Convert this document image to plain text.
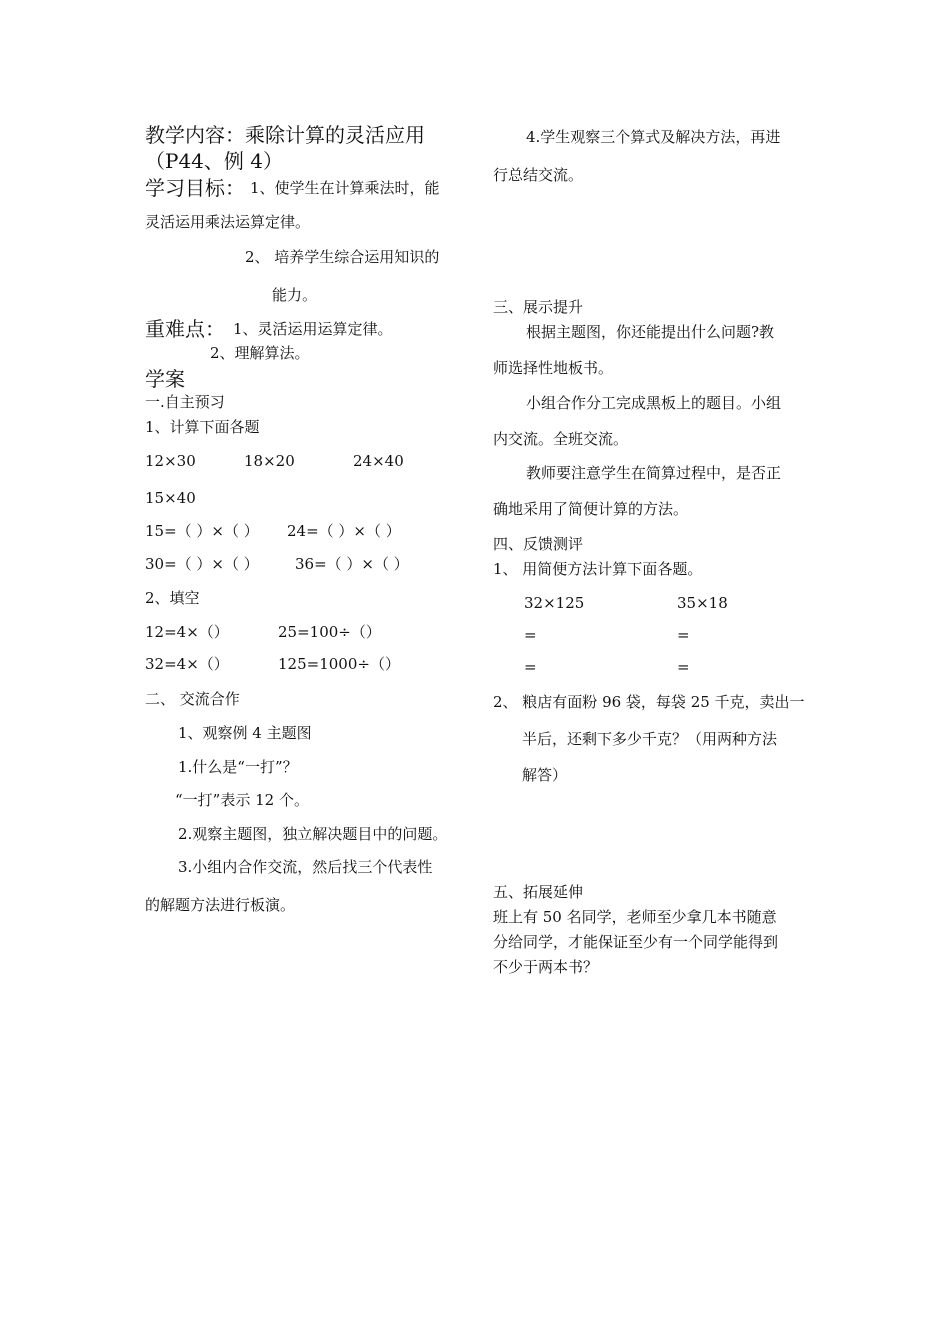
教学内容：乘除计算的灵活应用
（P44、例 4）
学习目标： 1、使学生在计算乘法时，能
灵活运用乘法运算定律。
2、 培养学生综合运用知识的
能力。
重难点： 1、灵活运用运算定律。
2、理解算法。
学案
一.自主预习
1、计算下面各题
12×30	18×20	24×40
15×40
15=（ ）×（ ） 24=（ ）×（ ）
30=（ ）×（ ） 36=（ ）×（ ）
2、填空
12=4×（）	25=100÷（）
32=4×（）	125=1000÷（）
二、 交流合作
1、观察例 4 主题图
1.什么是“一打”？
“一打”表示 12 个。
2.观察主题图，独立解决题目中的问题。
3.小组内合作交流，然后找三个代表性
的解题方法进行板演。
4.学生观察三个算式及解决方法，再进
行总结交流。
三、展示提升
根据主题图，你还能提出什么问题?教
师选择性地板书。
小组合作分工完成黑板上的题目。小组
内交流。全班交流。
教师要注意学生在简算过程中，是否正
确地采用了简便计算的方法。
四、反馈测评
1、 用简便方法计算下面各题。
32×125	35×18
=	=
=	=
2、 粮店有面粉 96 袋，每袋 25 千克，卖出一
半后，还剩下多少千克？（用两种方法
解答）
五、拓展延伸
班上有 50 名同学，老师至少拿几本书随意
分给同学，才能保证至少有一个同学能得到
不少于两本书？
